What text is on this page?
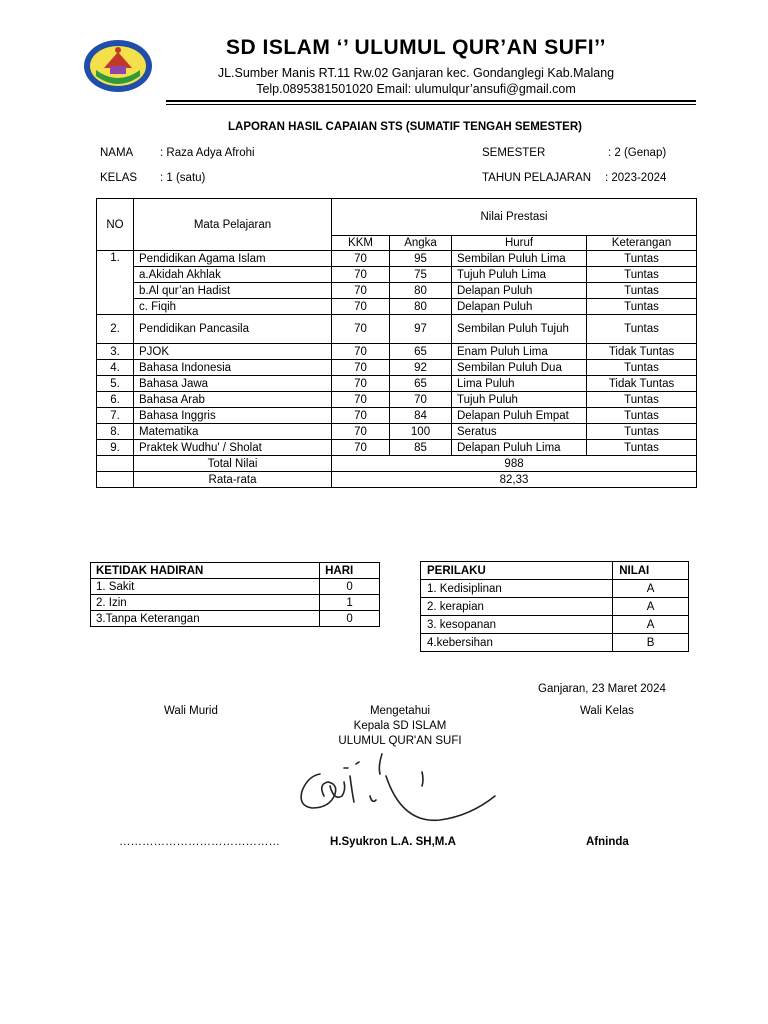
SD ISLAM ‘’ ULUMUL QUR’AN SUFI’’
JL.Sumber Manis RT.11 Rw.02 Ganjaran kec. Gondanglegi Kab.Malang
Telp.0895381501020 Email: ulumulqur’ansufi@gmail.com
LAPORAN HASIL CAPAIAN STS (SUMATIF TENGAH SEMESTER)
NAMA : Raza Adya Afrohi
KELAS : 1 (satu)
SEMESTER	: 2 (Genap)
TAHUN PELAJARAN : 2023-2024
NO	Mata Pelajaran	Nilai Prestasi			
		KKM	Angka	Huruf	Keterangan
1.	Pendidikan Agama Islam	70	95	Sembilan Puluh Lima	Tuntas
	a.Akidah Akhlak	70	75	Tujuh Puluh Lima	Tuntas
	b.Al qur’an Hadist	70	80	Delapan Puluh	Tuntas
	c. Fiqih	70	80	Delapan Puluh	Tuntas
2.	Pendidikan Pancasila	70	97	Sembilan Puluh Tujuh	Tuntas
3.	PJOK	70	65	Enam Puluh Lima	Tidak Tuntas
4.	Bahasa Indonesia	70	92	Sembilan Puluh Dua	Tuntas
5.	Bahasa Jawa	70	65	Lima Puluh	Tidak Tuntas
6.	Bahasa Arab	70	70	Tujuh Puluh	Tuntas
7.	Bahasa Inggris	70	84	Delapan Puluh Empat	Tuntas
8.	Matematika	70	100	Seratus	Tuntas
9.	Praktek Wudhu' / Sholat	70	85	Delapan Puluh Lima	Tuntas
	Total Nilai	988			
	Rata-rata	82,33			
KETIDAK HADIRAN	HARI
1. Sakit	0
2. Izin	1
3.Tanpa Keterangan	0
PERILAKU	NILAI
1. Kedisiplinan	A
2. kerapian	A
3. kesopanan	A
4.kebersihan	B
Ganjaran, 23 Maret 2024
Wali Murid	Mengetahui
Kepala SD ISLAM
ULUMUL QUR'AN SUFI
Wali Kelas
……………………………………	H.Syukron L.A. SH,M.A	Afninda
